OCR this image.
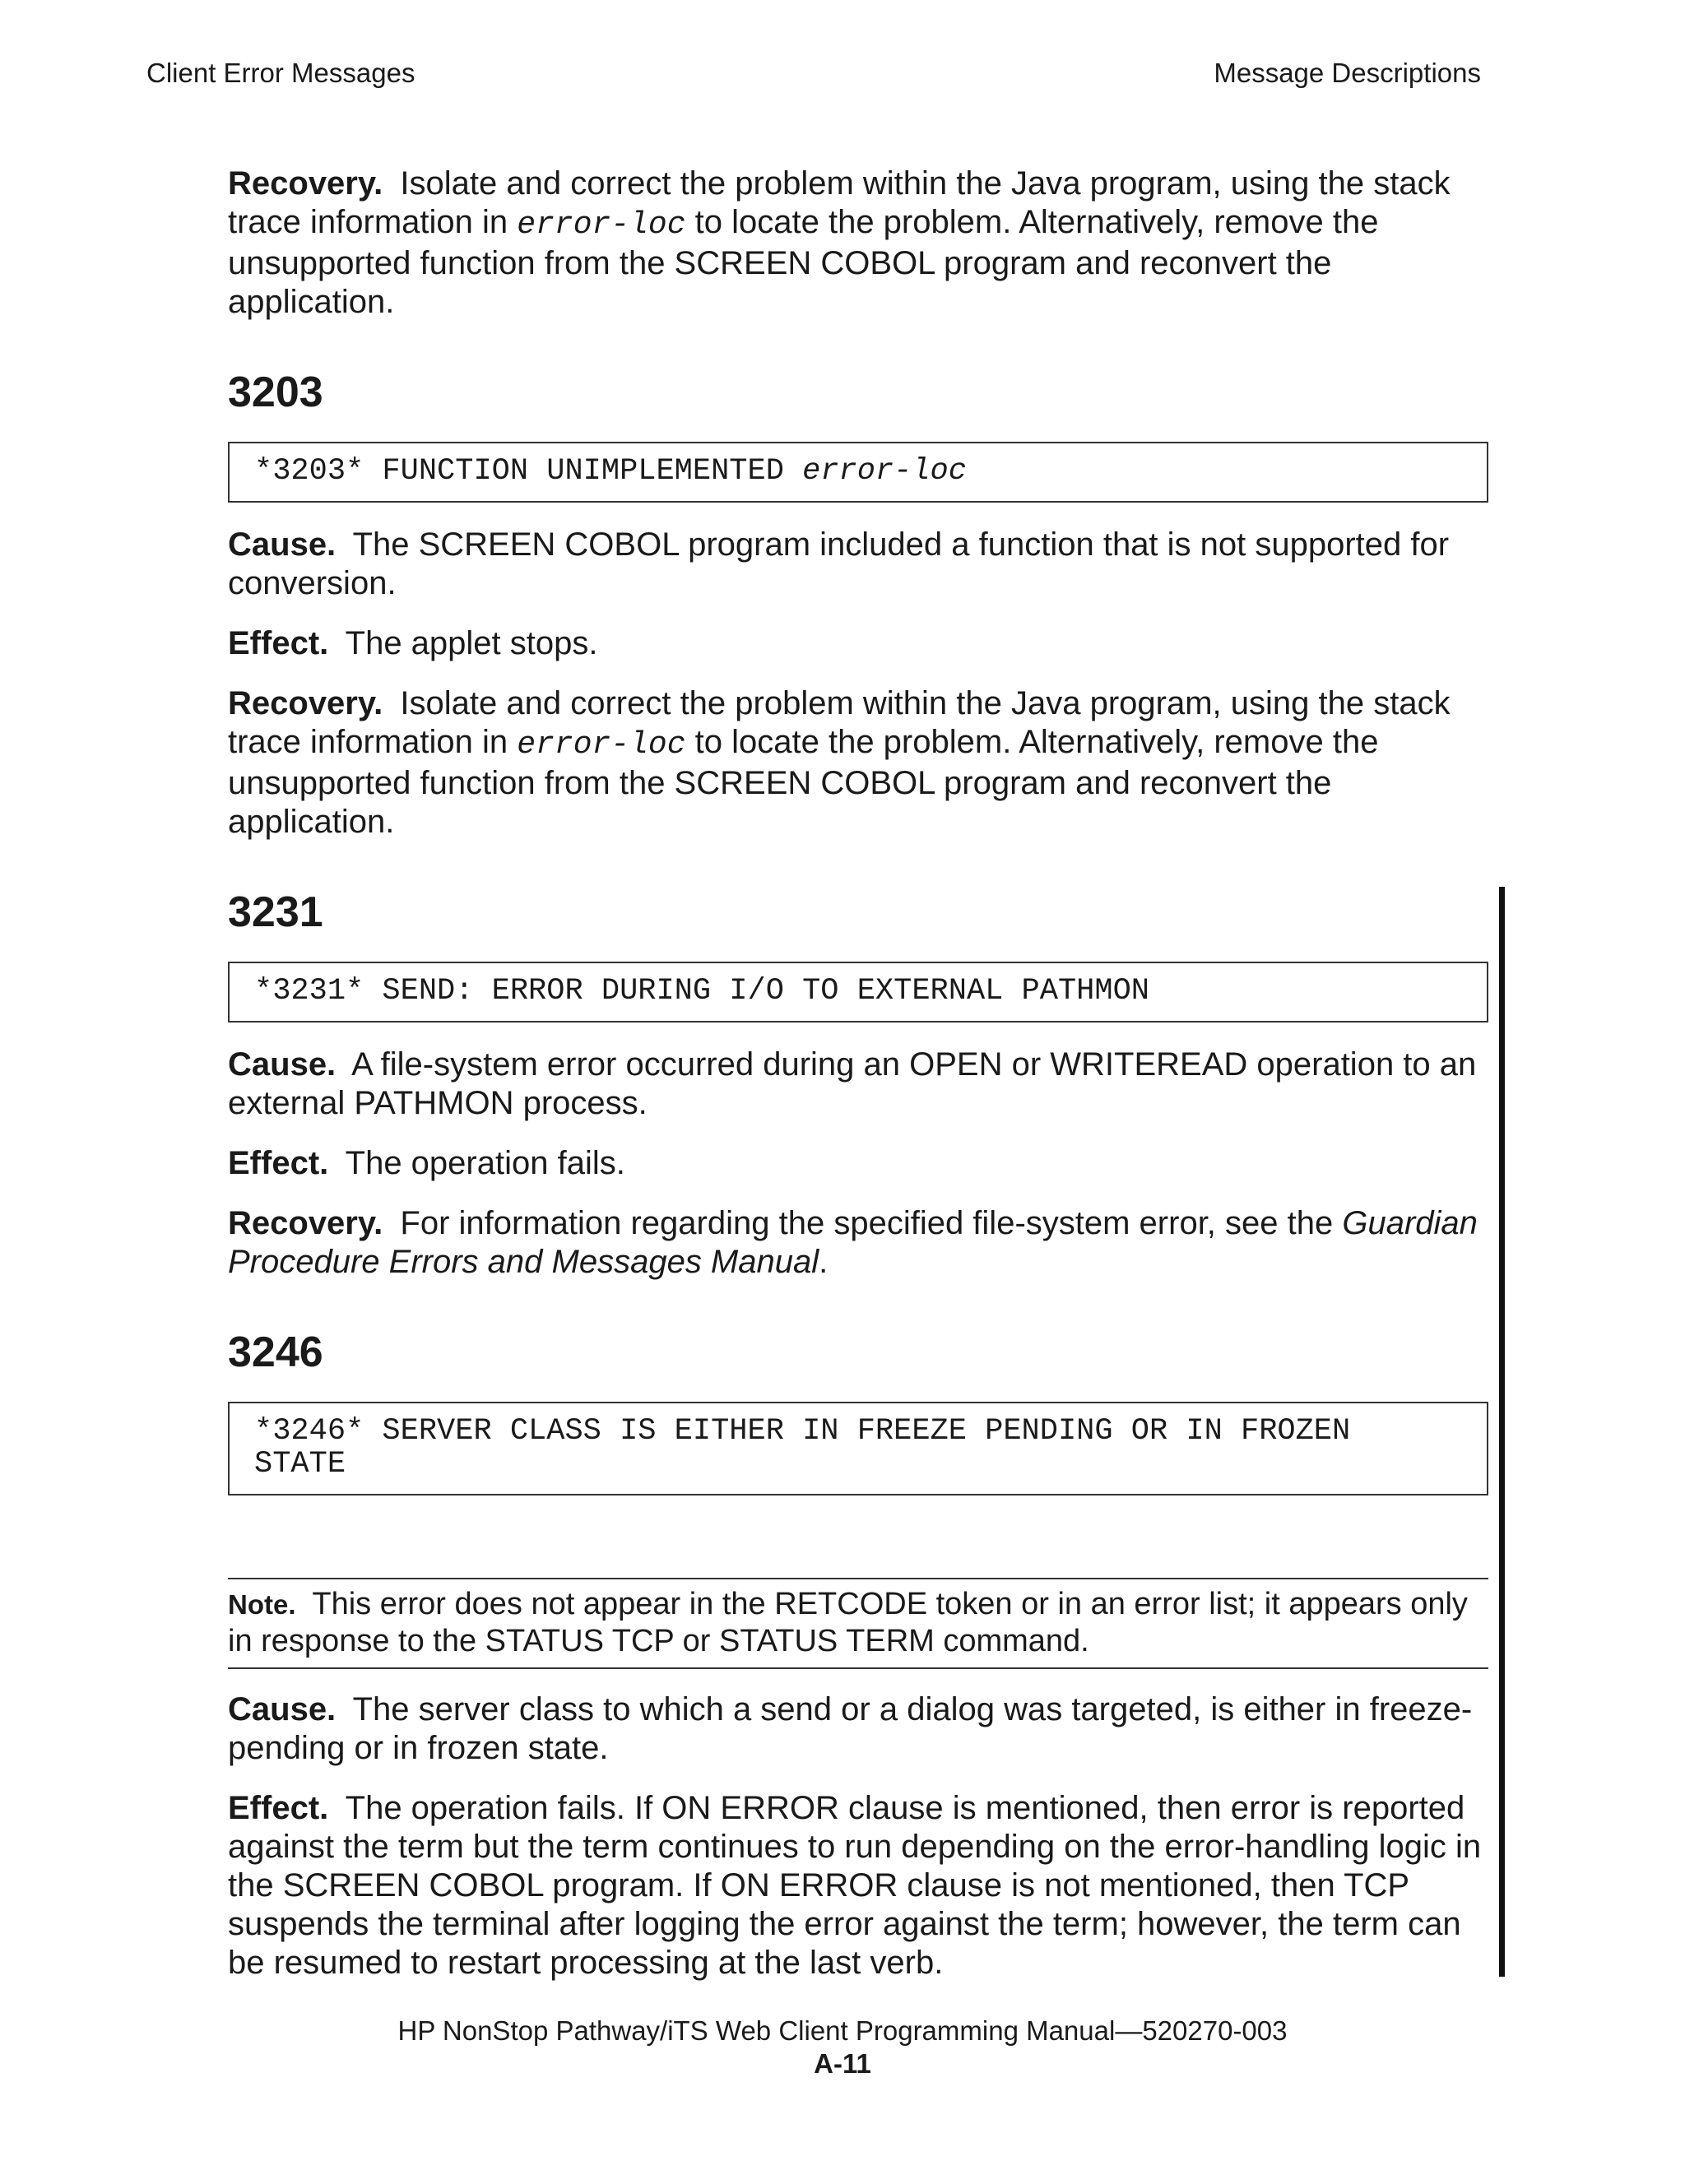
Client Error Messages	Message Descriptions

Recovery. Isolate and correct the problem within the Java program, using the stack trace information in error-loc to locate the problem. Alternatively, remove the unsupported function from the SCREEN COBOL program and reconvert the application.

3203
*3203* FUNCTION UNIMPLEMENTED error-loc

Cause. The SCREEN COBOL program included a function that is not supported for conversion.

Effect. The applet stops.

Recovery. Isolate and correct the problem within the Java program, using the stack trace information in error-loc to locate the problem. Alternatively, remove the unsupported function from the SCREEN COBOL program and reconvert the application.

3231
*3231* SEND: ERROR DURING I/O TO EXTERNAL PATHMON

Cause. A file-system error occurred during an OPEN or WRITEREAD operation to an external PATHMON process.

Effect. The operation fails.

Recovery. For information regarding the specified file-system error, see the Guardian Procedure Errors and Messages Manual.

3246
*3246* SERVER CLASS IS EITHER IN FREEZE PENDING OR IN FROZEN
STATE
Note. This error does not appear in the RETCODE token or in an error list; it appears only in response to the STATUS TCP or STATUS TERM command.

Cause. The server class to which a send or a dialog was targeted, is either in freeze-pending or in frozen state.

Effect. The operation fails. If ON ERROR clause is mentioned, then error is reported against the term but the term continues to run depending on the error-handling logic in the SCREEN COBOL program. If ON ERROR clause is not mentioned, then TCP suspends the terminal after logging the error against the term; however, the term can be resumed to restart processing at the last verb.

HP NonStop Pathway/iTS Web Client Programming Manual—520270-003
A-11
